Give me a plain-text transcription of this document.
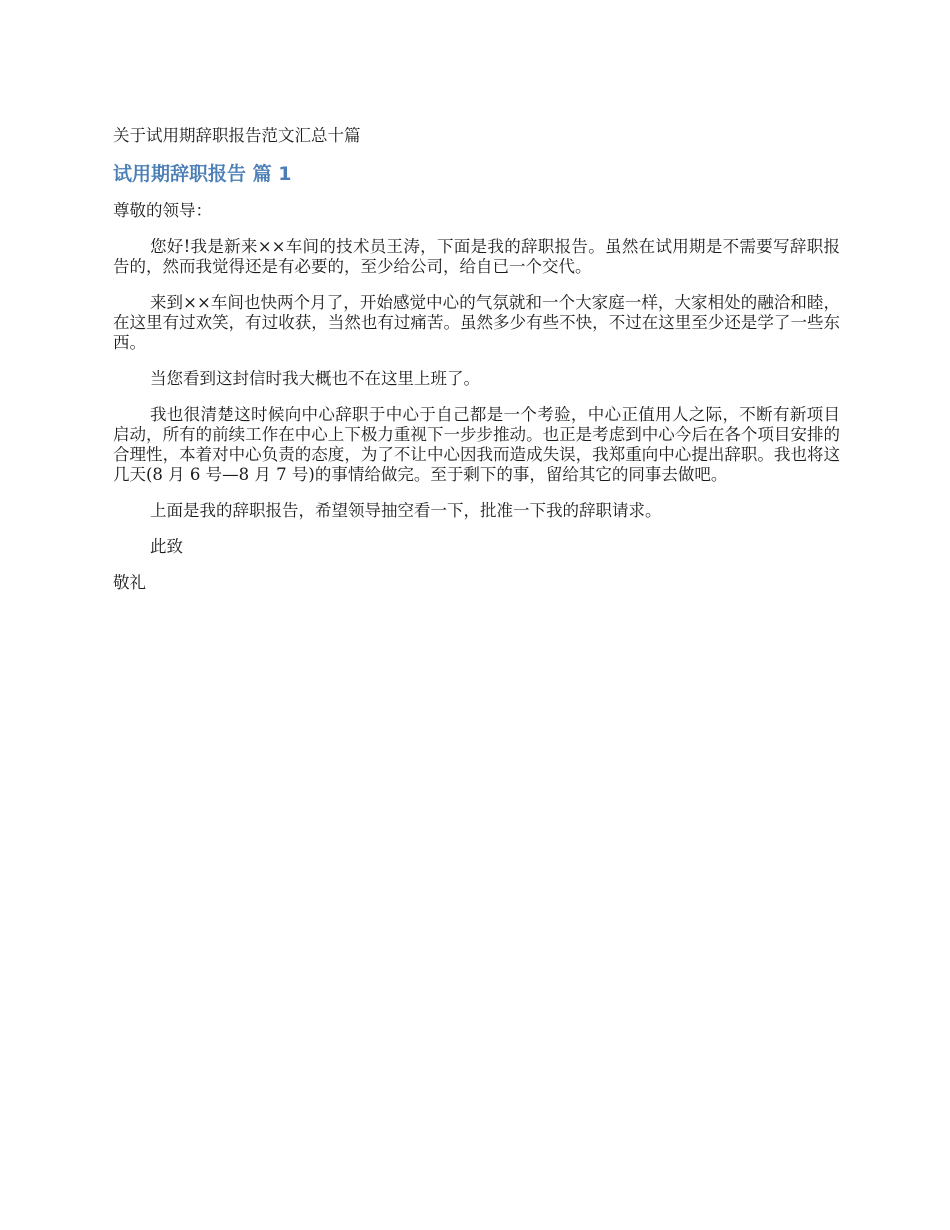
关于试用期辞职报告范文汇总十篇

试用期辞职报告 篇 1

尊敬的领导：

您好!我是新来××车间的技术员王涛，下面是我的辞职报告。虽然在试用期是不需要写辞职报告的，然而我觉得还是有必要的，至少给公司，给自已一个交代。

来到××车间也快两个月了，开始感觉中心的气氛就和一个大家庭一样，大家相处的融洽和睦，在这里有过欢笑，有过收获，当然也有过痛苦。虽然多少有些不快，不过在这里至少还是学了一些东西。

当您看到这封信时我大概也不在这里上班了。

我也很清楚这时候向中心辞职于中心于自己都是一个考验，中心正值用人之际，不断有新项目启动，所有的前续工作在中心上下极力重视下一步步推动。也正是考虑到中心今后在各个项目安排的合理性，本着对中心负责的态度，为了不让中心因我而造成失误，我郑重向中心提出辞职。我也将这几天(8 月 6 号—8 月 7 号)的事情给做完。至于剩下的事，留给其它的同事去做吧。

上面是我的辞职报告，希望领导抽空看一下，批准一下我的辞职请求。

此致

敬礼
